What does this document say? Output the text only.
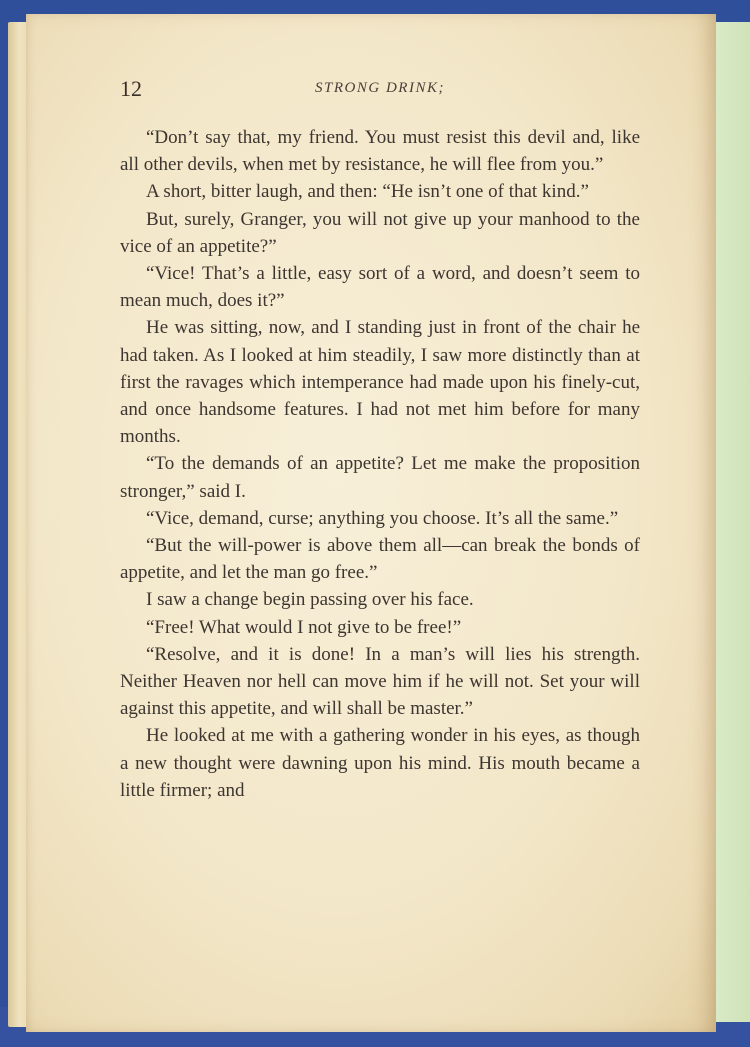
12	STRONG DRINK;

“Don’t say that, my friend. You must resist this devil and, like all other devils, when met by resistance, he will flee from you.”

A short, bitter laugh, and then: “He isn’t one of that kind.”

But, surely, Granger, you will not give up your manhood to the vice of an appetite?”

“Vice! That’s a little, easy sort of a word, and doesn’t seem to mean much, does it?”

He was sitting, now, and I standing just in front of the chair he had taken. As I looked at him steadily, I saw more distinctly than at first the ravages which intemperance had made upon his finely-cut, and once handsome features. I had not met him before for many months.

“To the demands of an appetite? Let me make the proposition stronger,” said I.

“Vice, demand, curse; anything you choose. It’s all the same.”

“But the will-power is above them all—can break the bonds of appetite, and let the man go free.”

I saw a change begin passing over his face.

“Free! What would I not give to be free!”

“Resolve, and it is done! In a man’s will lies his strength. Neither Heaven nor hell can move him if he will not. Set your will against this appetite, and will shall be master.”

He looked at me with a gathering wonder in his eyes, as though a new thought were dawning upon his mind. His mouth became a little firmer; and
